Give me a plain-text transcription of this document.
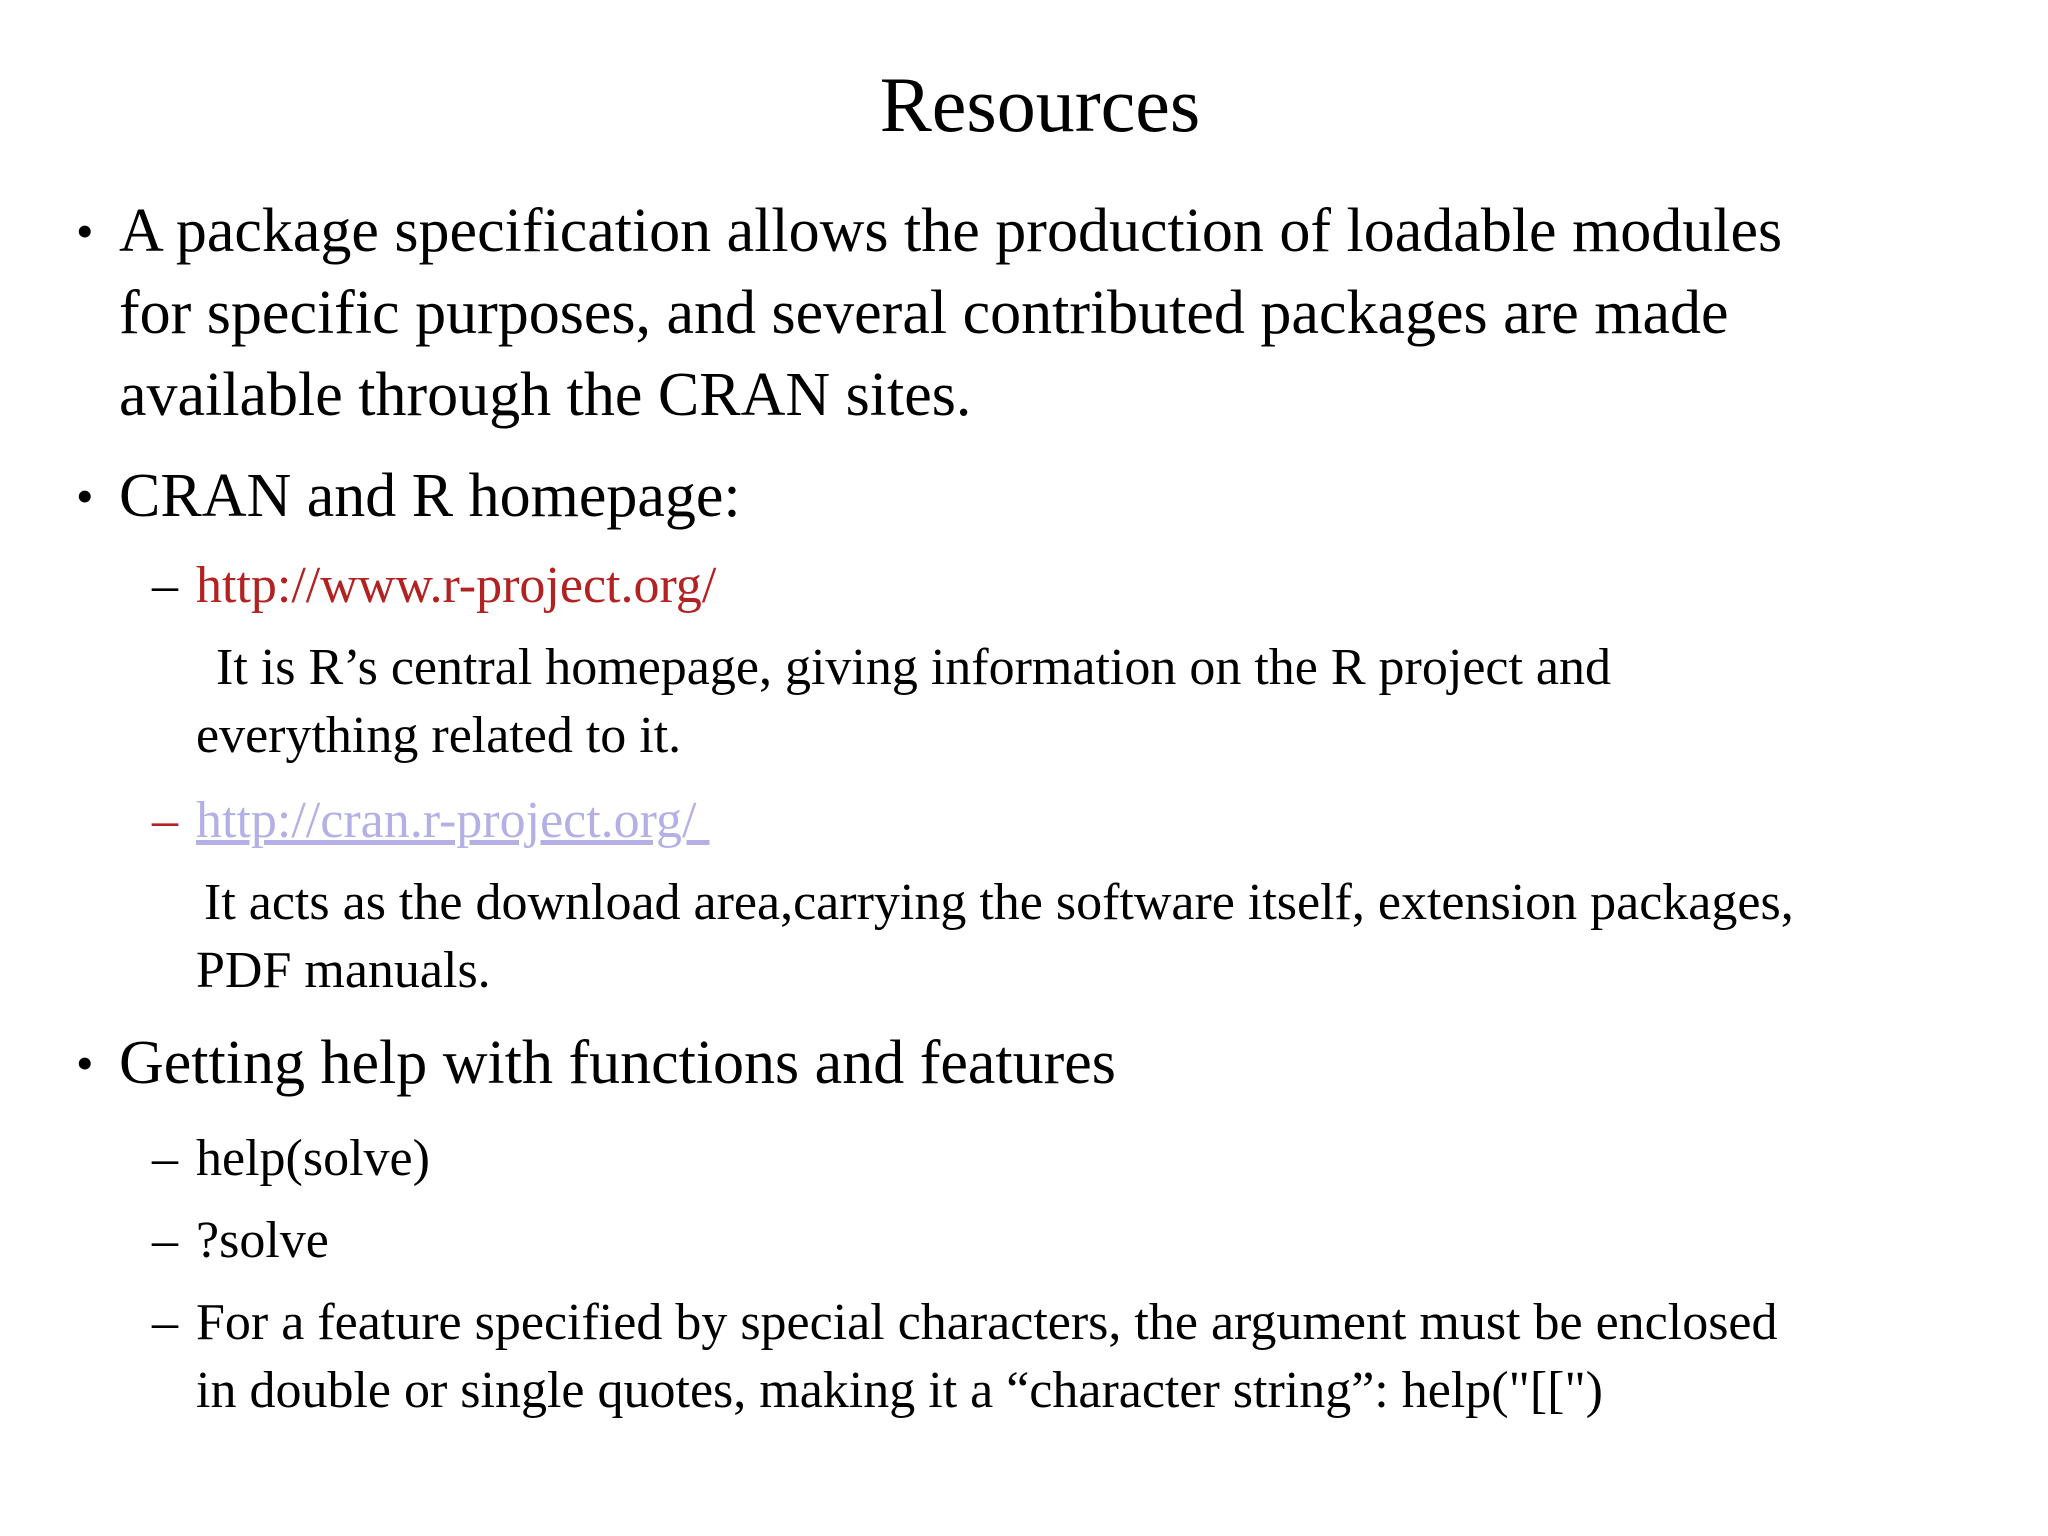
Resources
• A package specification allows the production of loadable modules
for specific purposes, and several contributed packages are made
available through the CRAN sites.
• CRAN and R homepage:
– http://www.r-project.org/
It is R’s central homepage, giving information on the R project and
everything related to it.
– http://cran.r-project.org/
It acts as the download area,carrying the software itself, extension packages,
PDF manuals.
• Getting help with functions and features
– help(solve)
– ?solve
– For a feature specified by special characters, the argument must be enclosed
in double or single quotes, making it a “character string”: help("[[")
